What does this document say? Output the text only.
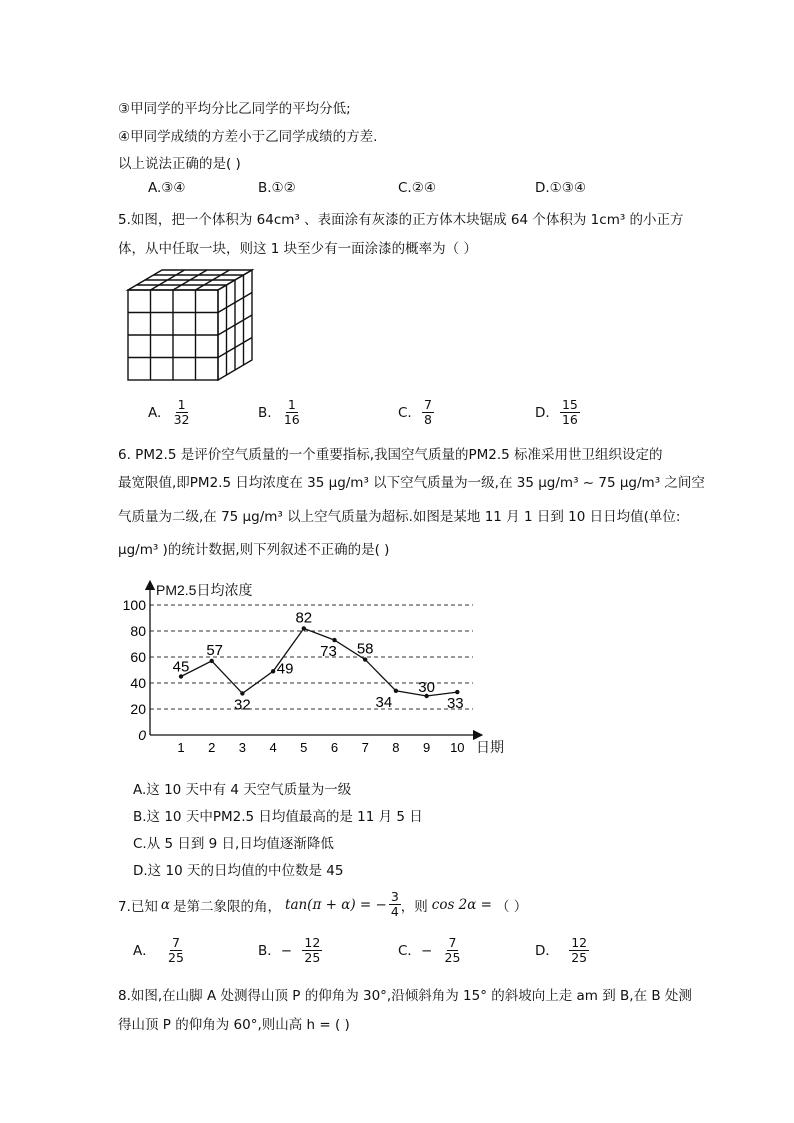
③甲同学的平均分比乙同学的平均分低;
④甲同学成绩的方差小于乙同学成绩的方差.
以上说法正确的是( )
A.③④	B.①②	C.②④	D.①③④
5.如图，把一个体积为 64cm³ 、表面涂有灰漆的正方体木块锯成 64 个体积为 1cm³ 的小正方
体，从中任取一块，则这 1 块至少有一面涂漆的概率为（ ）
A. $\frac{1}{32}$	B. $\frac{1}{16}$	C. $\frac{7}{8}$	D. $\frac{15}{16}$
6. PM2.5 是评价空气质量的一个重要指标,我国空气质量的PM2.5 标准采用世卫组织设定的
最宽限值,即PM2.5 日均浓度在 35 μg/m³ 以下空气质量为一级,在 35 μg/m³ ~ 75 μg/m³ 之间空
气质量为二级,在 75 μg/m³ 以上空气质量为超标.如图是某地 11 月 1 日到 10 日日均值(单位:
μg/m³ )的统计数据,则下列叙述不正确的是( )
PM2.5日均浓度
日期
0
20
40
60
80
100
1 2 3 4 5 6 7 8 9 10
45
57
32
49
82
73 58
34
30
33
A.这 10 天中有 4 天空气质量为一级
B.这 10 天中PM2.5 日均值最高的是 11 月 5 日
C.从 5 日到 9 日,日均值逐渐降低
D.这 10 天的日均值的中位数是 45
7.已知 α 是第二象限的角， tan(π + α) = − $\frac{3}{4}$ ，则 cos 2α = （ ）
A． $\frac{7}{25}$	B．− $\frac{12}{25}$	C．− $\frac{7}{25}$	D． $\frac{12}{25}$
8.如图,在山脚 A 处测得山顶 P 的仰角为 30°,沿倾斜角为 15° 的斜坡向上走 am 到 B,在 B 处测
得山顶 P 的仰角为 60°,则山高 h = ( )
